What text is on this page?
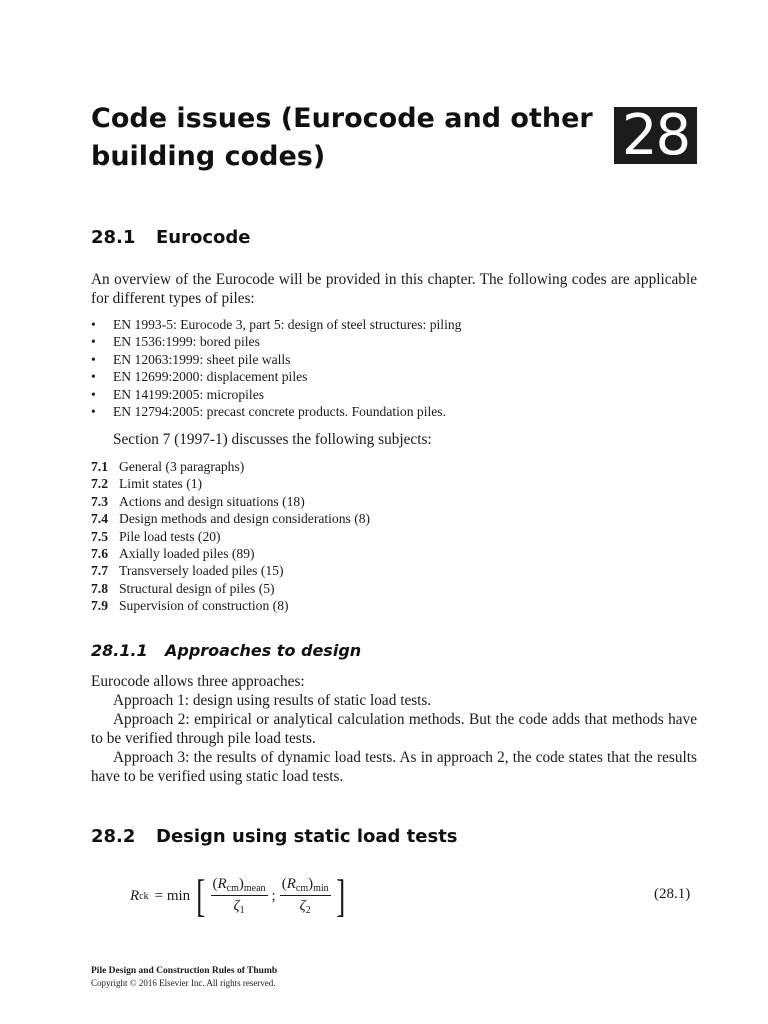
Code issues (Eurocode and other building codes)	28
28.1 Eurocode

An overview of the Eurocode will be provided in this chapter. The following codes are applicable for different types of piles:

• EN 1993-5: Eurocode 3, part 5: design of steel structures: piling
• EN 1536:1999: bored piles
• EN 12063:1999: sheet pile walls
• EN 12699:2000: displacement piles
• EN 14199:2005: micropiles
• EN 12794:2005: precast concrete products. Foundation piles.
Section 7 (1997-1) discusses the following subjects:
7.1 General (3 paragraphs)
7.2 Limit states (1)
7.3 Actions and design situations (18)
7.4 Design methods and design considerations (8)
7.5 Pile load tests (20)
7.6 Axially loaded piles (89)
7.7 Transversely loaded piles (15)
7.8 Structural design of piles (5)
7.9 Supervision of construction (8)
28.1.1 Approaches to design

Eurocode allows three approaches:

Approach 1: design using results of static load tests.

Approach 2: empirical or analytical calculation methods. But the code adds that methods have to be verified through pile load tests.

Approach 3: the results of dynamic load tests. As in approach 2, the code states that the results have to be verified using static load tests.

28.2 Design using static load tests
R ck = min [ $\frac{(R_{cm})_{mean}}{\zeta_1}$ ; $\frac{(R_{cm})_{min}}{\zeta_2}$ ]	(28.1)
Pile Design and Construction Rules of Thumb
Copyright © 2016 Elsevier Inc. All rights reserved.
